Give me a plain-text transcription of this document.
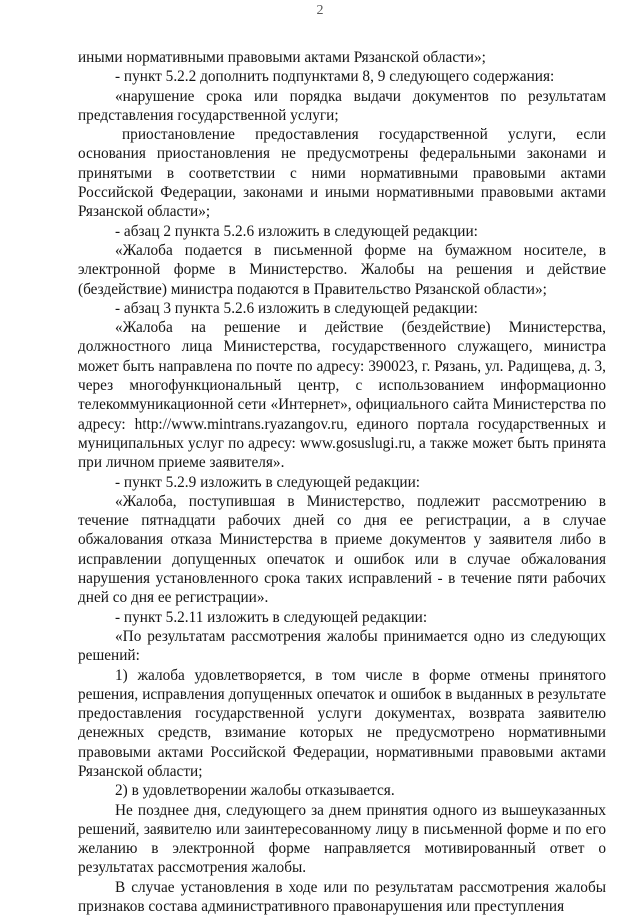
2

иными нормативными правовыми актами Рязанской области»;

- пункт 5.2.2 дополнить подпунктами 8, 9 следующего содержания:

«нарушение срока или порядка выдачи документов по результатам представления государственной услуги;

приостановление предоставления государственной услуги, если основания приостановления не предусмотрены федеральными законами и принятыми в соответствии с ними нормативными правовыми актами Российской Федерации, законами и иными нормативными правовыми актами Рязанской области»;

- абзац 2 пункта 5.2.6 изложить в следующей редакции:

«Жалоба подается в письменной форме на бумажном носителе, в электронной форме в Министерство. Жалобы на решения и действие (бездействие) министра подаются в Правительство Рязанской области»;

- абзац 3 пункта 5.2.6 изложить в следующей редакции:

«Жалоба на решение и действие (бездействие) Министерства, должностного лица Министерства, государственного служащего, министра может быть направлена по почте по адресу: 390023, г. Рязань, ул. Радищева, д. 3, через многофункциональный центр, с использованием информационно телекоммуникационной сети «Интернет», официального сайта Министерства по адресу: http://www.mintrans.ryazangov.ru, единого портала государственных и муниципальных услуг по адресу: www.gosuslugi.ru, а также может быть принята при личном приеме заявителя».

- пункт 5.2.9 изложить в следующей редакции:

«Жалоба, поступившая в Министерство, подлежит рассмотрению в течение пятнадцати рабочих дней со дня ее регистрации, а в случае обжалования отказа Министерства в приеме документов у заявителя либо в исправлении допущенных опечаток и ошибок или в случае обжалования нарушения установленного срока таких исправлений - в течение пяти рабочих дней со дня ее регистрации».

- пункт 5.2.11 изложить в следующей редакции:

«По результатам рассмотрения жалобы принимается одно из следующих решений:

1) жалоба удовлетворяется, в том числе в форме отмены принятого решения, исправления допущенных опечаток и ошибок в выданных в результате предоставления государственной услуги документах, возврата заявителю денежных средств, взимание которых не предусмотрено нормативными правовыми актами Российской Федерации, нормативными правовыми актами Рязанской области;

2) в удовлетворении жалобы отказывается.

Не позднее дня, следующего за днем принятия одного из вышеуказанных решений, заявителю или заинтересованному лицу в письменной форме и по его желанию в электронной форме направляется мотивированный ответ о результатах рассмотрения жалобы.

В случае установления в ходе или по результатам рассмотрения жалобы признаков состава административного правонарушения или преступления
